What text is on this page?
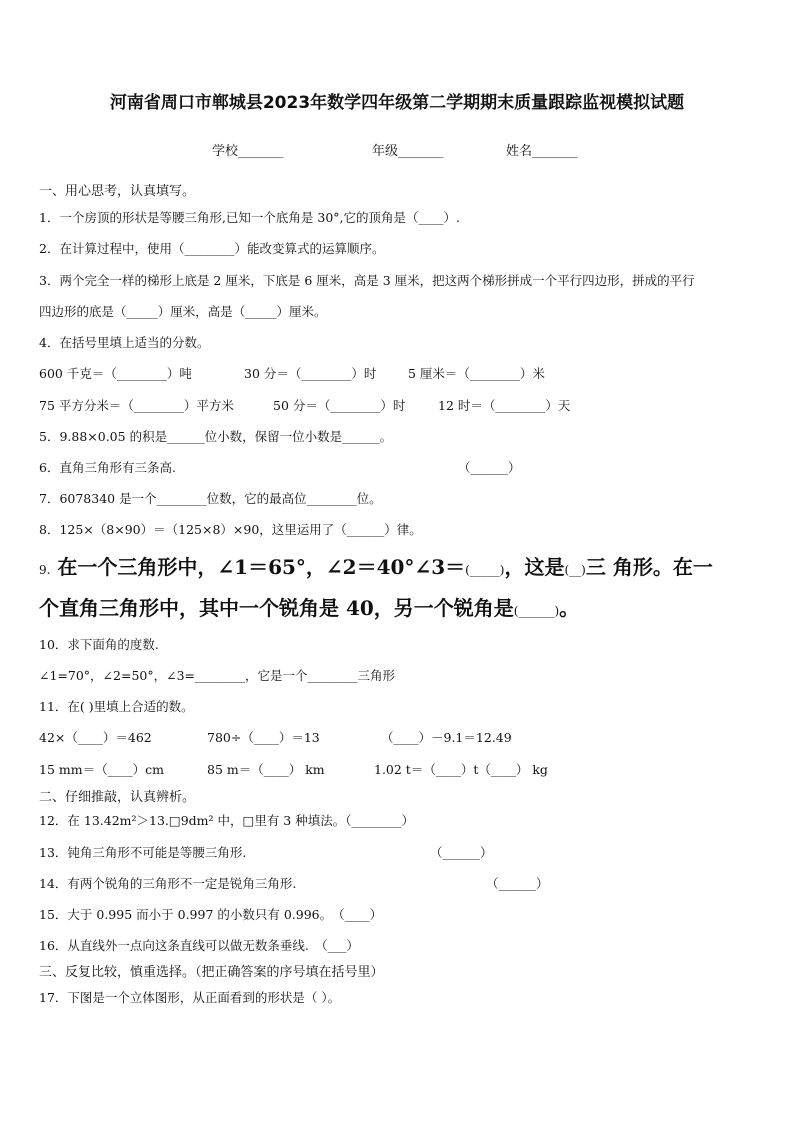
河南省周口市郸城县2023年数学四年级第二学期期末质量跟踪监视模拟试题
学校_______	年级_______	姓名_______
一、用心思考，认真填写。
1．一个房顶的形状是等腰三角形,已知一个底角是 30°,它的顶角是（____）.
2．在计算过程中，使用（________）能改变算式的运算顺序。
3．两个完全一样的梯形上底是 2 厘米，下底是 6 厘米，高是 3 厘米，把这两个梯形拼成一个平行四边形，拼成的平行
四边形的底是（_____）厘米，高是（_____）厘米。
4．在括号里填上适当的分数。
600 千克＝（________）吨	30 分＝（________）时	5 厘米＝（________）米
75 平方分米＝（________）平方米	50 分＝（________）时	12 时＝（________）天
5．9.88×0.05 的积是______位小数，保留一位小数是______。
6．直角三角形有三条高.	（______）
7．6078340 是一个________位数，它的最高位________位。
8．125×（8×90）＝（125×8）×90，这里运用了（______）律。
9. 在一个三角形中，∠1＝65°，∠2＝40°∠3＝(_____)，这是(__)三 角形。在一
个直角三角形中，其中一个锐角是 40，另一个锐角是(______)。
10．求下面角的度数.
∠1=70°，∠2=50°，∠3=________，它是一个________三角形
11．在( )里填上合适的数。
42×（____）＝462	780÷（____）＝13	（____）－9.1＝12.49
15 mm＝（____）cm	85 m＝（____） km	1.02 t＝（____）t（____） kg
二、仔细推敲，认真辨析。
12．在 13.42m²＞13.□9dm² 中，□里有 3 种填法。（________）
13．钝角三角形不可能是等腰三角形.	（______）
14．有两个锐角的三角形不一定是锐角三角形.	（______）
15．大于 0.995 而小于 0.997 的小数只有 0.996。　（____）
16．从直线外一点向这条直线可以做无数条垂线.　（___）
三、反复比较，慎重选择。（把正确答案的序号填在括号里）
17．下图是一个立体图形，从正面看到的形状是（ ）。
